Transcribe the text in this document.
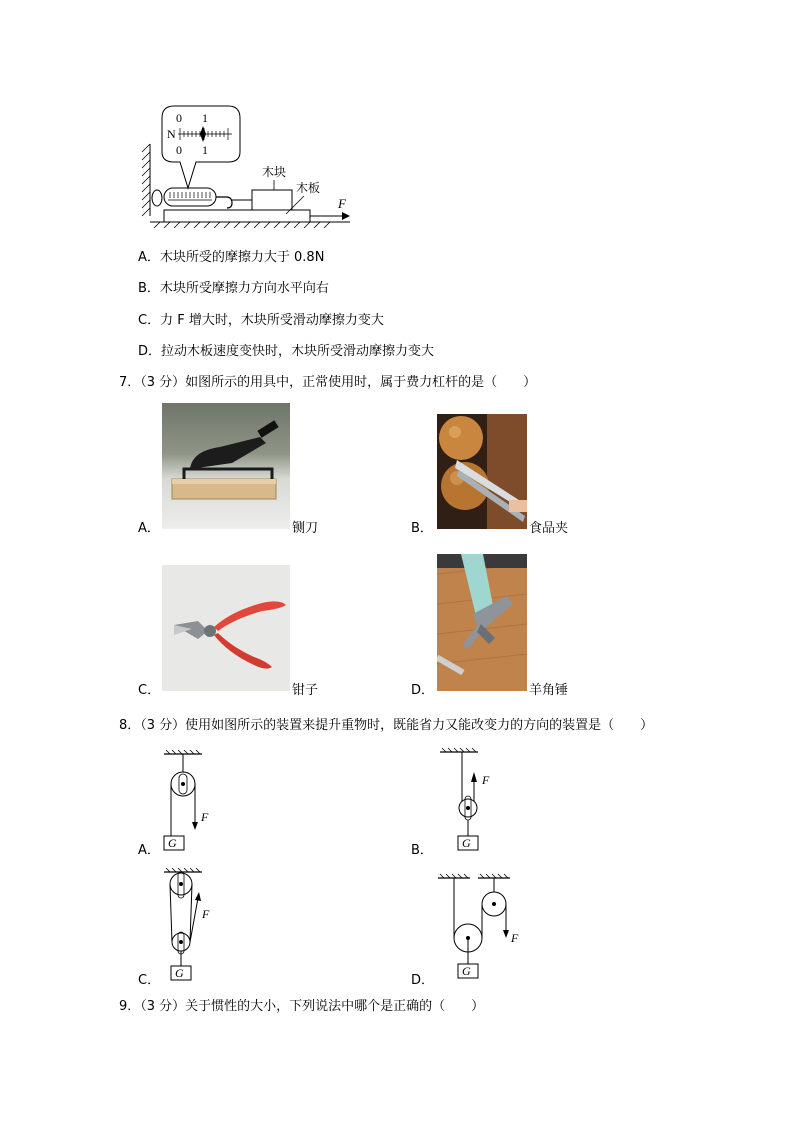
0 1
N
0 1
木块
木板
F
A．木块所受的摩擦力大于 0.8N
B．木块所受摩擦力方向水平向右
C．力 F 增大时，木块所受滑动摩擦力变大
D．拉动木板速度变快时，木块所受滑动摩擦力变大
7．（3 分）如图所示的用具中，正常使用时，属于费力杠杆的是（　　）
A．	铡刀	B．	食品夹
C．	钳子	D．	羊角锤
8．（3 分）使用如图所示的装置来提升重物时，既能省力又能改变力的方向的装置是（　　）
A．
F
G	B．
F
G
C．
F
G	D．
F
G
9．（3 分）关于惯性的大小，下列说法中哪个是正确的（　　）
